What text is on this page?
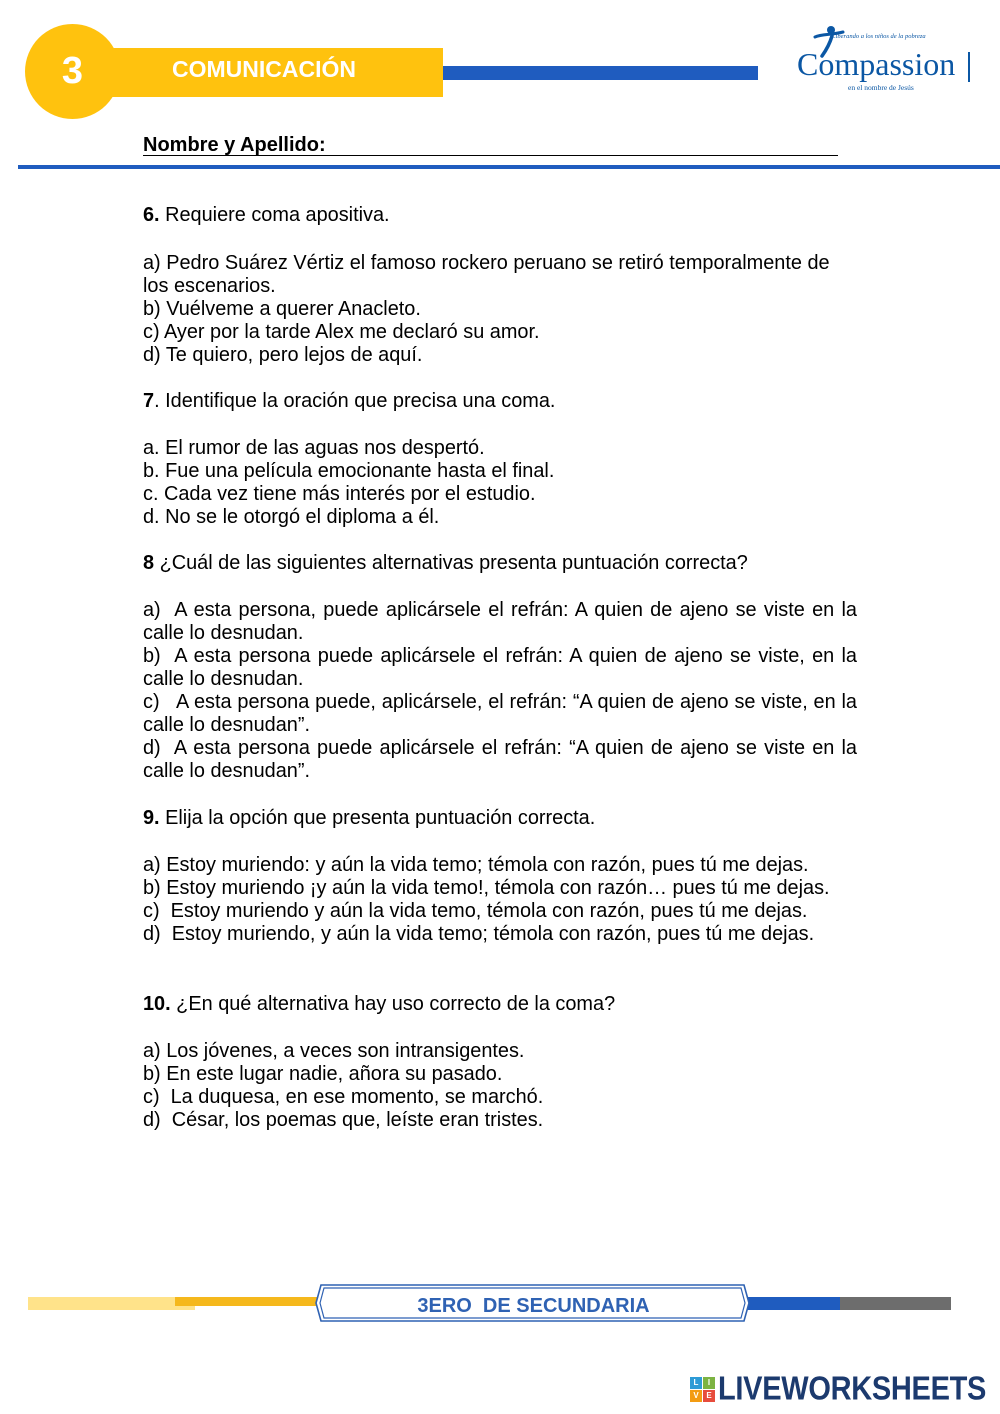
3	COMUNICACIÓN
Liberando a los niños de la pobreza
Compassion
en el nombre de Jesús
Nombre y Apellido:
6. Requiere coma apositiva.
a) Pedro Suárez Vértiz el famoso rockero peruano se retiró temporalmente de
los escenarios.
b) Vuélveme a querer Anacleto.
c) Ayer por la tarde Alex me declaró su amor.
d) Te quiero, pero lejos de aquí.
7. Identifique la oración que precisa una coma.
a. El rumor de las aguas nos despertó.
b. Fue una película emocionante hasta el final.
c. Cada vez tiene más interés por el estudio.
d. No se le otorgó el diploma a él.
8 ¿Cuál de las siguientes alternativas presenta puntuación correcta?
a)  A esta persona, puede aplicársele el refrán: A quien de ajeno se viste en la
calle lo desnudan.
b)  A esta persona puede aplicársele el refrán: A quien de ajeno se viste, en la
calle lo desnudan.
c)   A esta persona puede, aplicársele, el refrán: “A quien de ajeno se viste, en la
calle lo desnudan”.
d)  A esta persona puede aplicársele el refrán: “A quien de ajeno se viste en la
calle lo desnudan”.
9. Elija la opción que presenta puntuación correcta.
a) Estoy muriendo: y aún la vida temo; témola con razón, pues tú me dejas.
b) Estoy muriendo ¡y aún la vida temo!, témola con razón… pues tú me dejas.
c)  Estoy muriendo y aún la vida temo, témola con razón, pues tú me dejas.
d)  Estoy muriendo, y aún la vida temo; témola con razón, pues tú me dejas.
10. ¿En qué alternativa hay uso correcto de la coma?
a) Los jóvenes, a veces son intransigentes.
b) En este lugar nadie, añora su pasado.
c)  La duquesa, en ese momento, se marchó.
d)  César, los poemas que, leíste eran tristes.
3ERO  DE SECUNDARIA
L	I
V E LIVEWORKSHEETS
